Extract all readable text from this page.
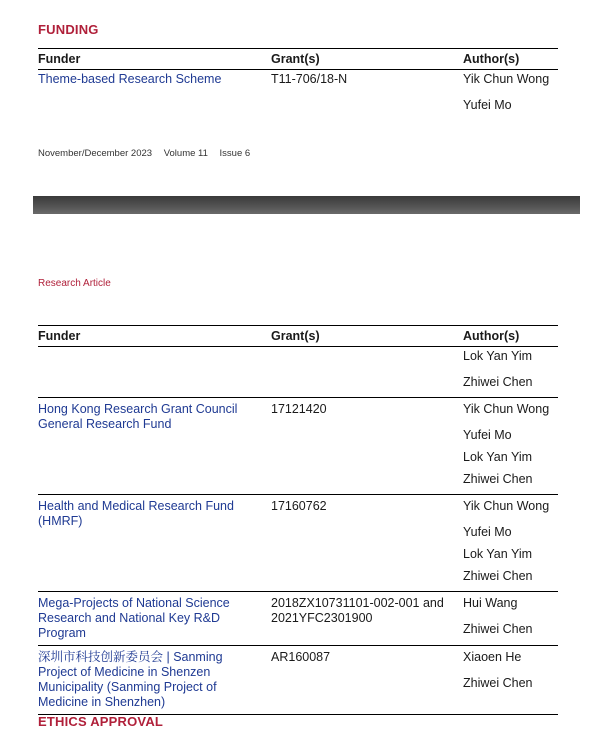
FUNDING
Funder	Grant(s)	Author(s)

Theme-based Research Scheme	T11-706/18-N	Yik Chun Wong
Yufei Mo
November/December 2023 Volume 11 Issue 6
Research Article
Funder	Grant(s)	Author(s)

		Lok Yan Yim
Zhiwei Chen

Hong Kong Research Grant Council General Research Fund	17121420	Yik Chun Wong
Yufei Mo
Lok Yan Yim
Zhiwei Chen

Health and Medical Research Fund (HMRF)	17160762	Yik Chun Wong
Yufei Mo
Lok Yan Yim
Zhiwei Chen

Mega-Projects of National Science Research and National Key R&D Program	2018ZX10731101-002-001 and 2021YFC2301900	Hui Wang
Zhiwei Chen

深圳市科技创新委员会 | Sanming Project of Medicine in Shenzen Municipality (Sanming Project of Medicine in Shenzhen)	AR160087	Xiaoen He
Zhiwei Chen
ETHICS APPROVAL
